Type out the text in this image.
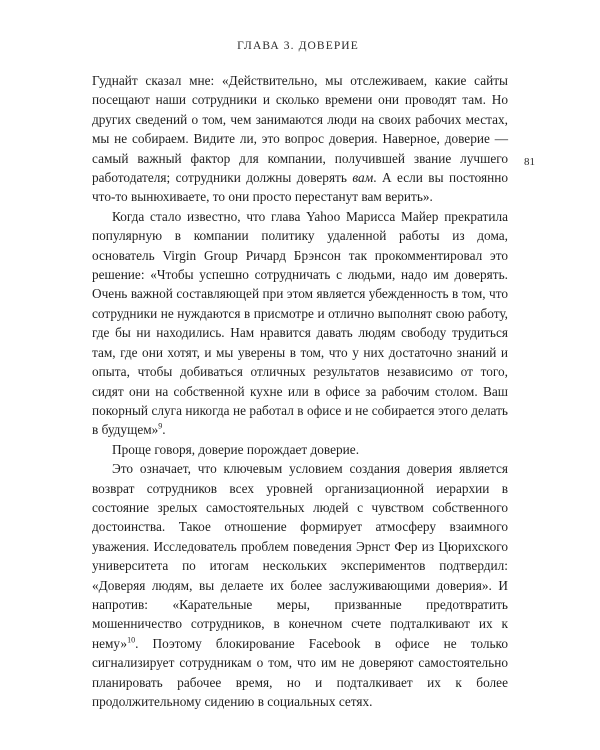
ГЛАВА 3. ДОВЕРИЕ
81

Гуднайт сказал мне: «Действительно, мы отслеживаем, какие сайты посещают наши сотрудники и сколько времени они проводят там. Но других сведений о том, чем занимаются люди на своих рабочих местах, мы не собираем. Видите ли, это вопрос доверия. Наверное, доверие — самый важный фактор для компании, получившей звание лучшего работодателя; сотрудники должны доверять вам. А если вы постоянно что-то вынюхиваете, то они просто перестанут вам верить».

Когда стало известно, что глава Yahoo Марисса Майер прекратила популярную в компании политику удаленной работы из дома, основатель Virgin Group Ричард Брэнсон так прокомментировал это решение: «Чтобы успешно сотрудничать с людьми, надо им доверять. Очень важной составляющей при этом является убежденность в том, что сотрудники не нуждаются в присмотре и отлично выполнят свою работу, где бы ни находились. Нам нравится давать людям свободу трудиться там, где они хотят, и мы уверены в том, что у них достаточно знаний и опыта, чтобы добиваться отличных результатов независимо от того, сидят они на собственной кухне или в офисе за рабочим столом. Ваш покорный слуга никогда не работал в офисе и не собирается этого делать в будущем»$^9$.

Проще говоря, доверие порождает доверие.

Это означает, что ключевым условием создания доверия является возврат сотрудников всех уровней организационной иерархии в состояние зрелых самостоятельных людей с чувством собственного достоинства. Такое отношение формирует атмосферу взаимного уважения. Исследователь проблем поведения Эрнст Фер из Цюрихского университета по итогам нескольких экспериментов подтвердил: «Доверяя людям, вы делаете их более заслуживающими доверия». И напротив: «Карательные меры, призванные предотвратить мошенничество сотрудников, в конечном счете подталкивают их к нему»$^{10}$. Поэтому блокирование Facebook в офисе не только сигнализирует сотрудникам о том, что им не доверяют самостоятельно планировать рабочее время, но и подталкивает их к более продолжительному сидению в социальных сетях.
